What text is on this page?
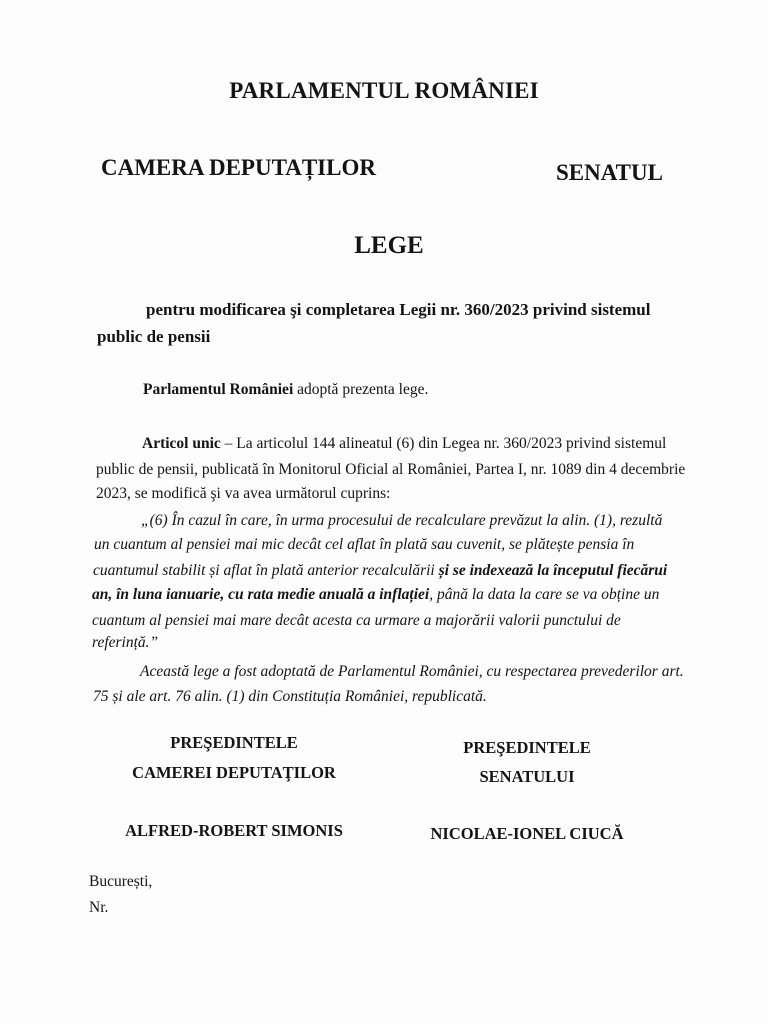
PARLAMENTUL ROMÂNIEI
CAMERA DEPUTAȚILOR	SENATUL
LEGE
pentru modificarea şi completarea Legii nr. 360/2023 privind sistemul
public de pensii
Parlamentul României adoptă prezenta lege.
Articol unic – La articolul 144 alineatul (6) din Legea nr. 360/2023 privind sistemul
public de pensii, publicată în Monitorul Oficial al României, Partea I, nr. 1089 din 4 decembrie
2023, se modifică şi va avea următorul cuprins:
„(6) În cazul în care, în urma procesului de recalculare prevăzut la alin. (1), rezultă
un cuantum al pensiei mai mic decât cel aflat în plată sau cuvenit, se plătește pensia în
cuantumul stabilit și aflat în plată anterior recalculării și se indexează la începutul fiecărui
an, în luna ianuarie, cu rata medie anuală a inflației, până la data la care se va obține un
cuantum al pensiei mai mare decât acesta ca urmare a majorării valorii punctului de
referință.”
Această lege a fost adoptată de Parlamentul României, cu respectarea prevederilor art.
75 și ale art. 76 alin. (1) din Constituția României, republicată.
PREŞEDINTELE
CAMEREI DEPUTAŢILOR
PREŞEDINTELE
SENATULUI
ALFRED-ROBERT SIMONIS	NICOLAE-IONEL CIUCĂ
București,
Nr.
